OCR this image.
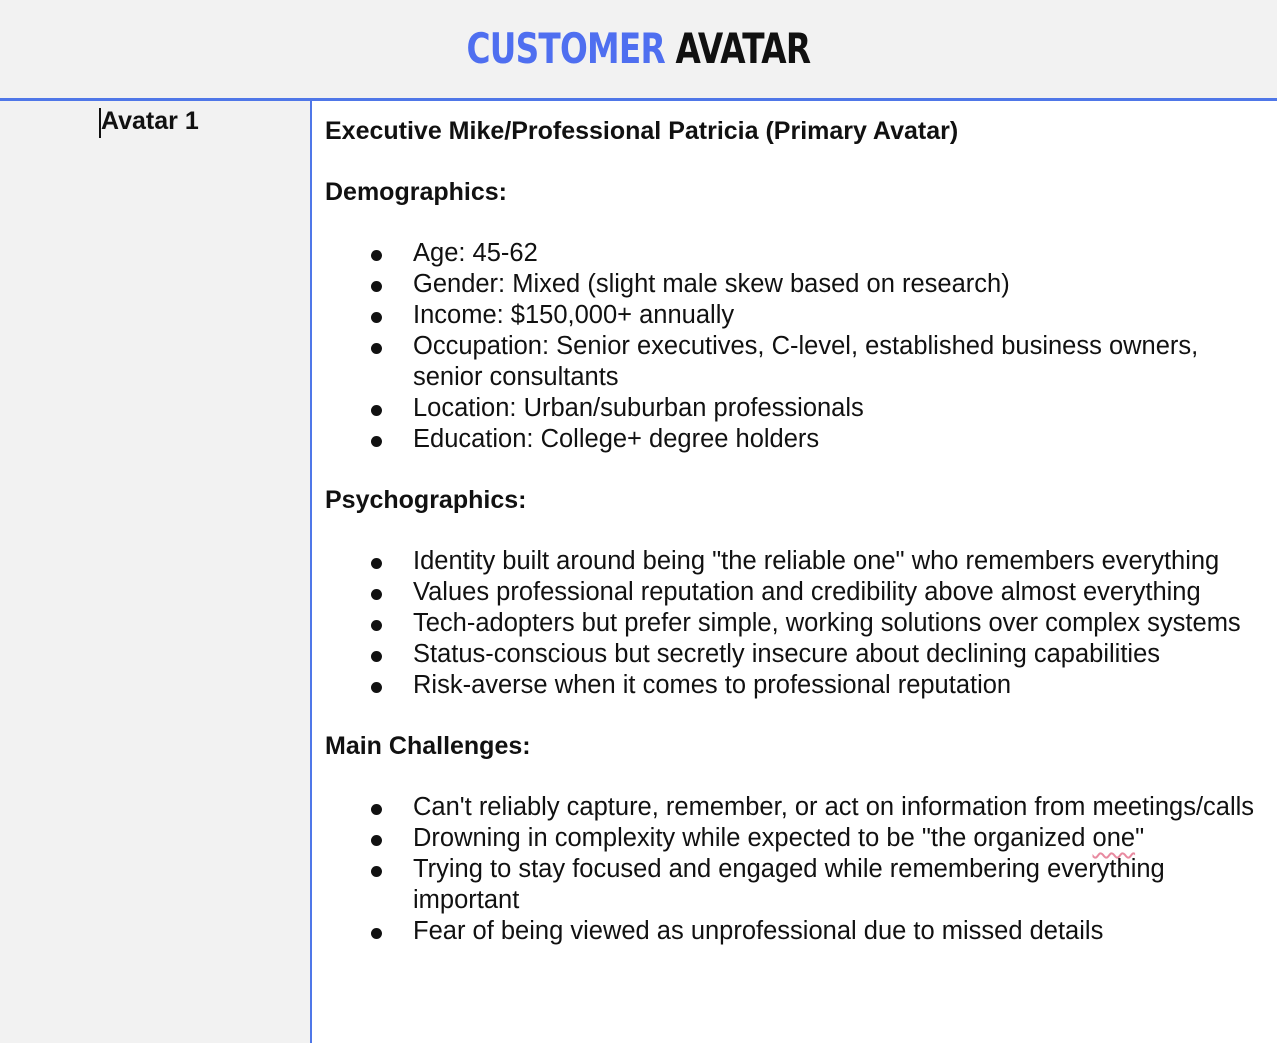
CUSTOMER AVATAR
Avatar 1	Executive Mike/Professional Patricia (Primary Avatar)

Demographics:

Age: 45-62
Gender: Mixed (slight male skew based on research)
Income: $150,000+ annually
Occupation: Senior executives, C-level, established business owners, senior consultants
Location: Urban/suburban professionals
Education: College+ degree holders

Psychographics:

Identity built around being "the reliable one" who remembers everything
Values professional reputation and credibility above almost everything
Tech-adopters but prefer simple, working solutions over complex systems
Status-conscious but secretly insecure about declining capabilities
Risk-averse when it comes to professional reputation

Main Challenges:

Can't reliably capture, remember, or act on information from meetings/calls
Drowning in complexity while expected to be "the organized one"
Trying to stay focused and engaged while remembering everything important
Fear of being viewed as unprofessional due to missed details
